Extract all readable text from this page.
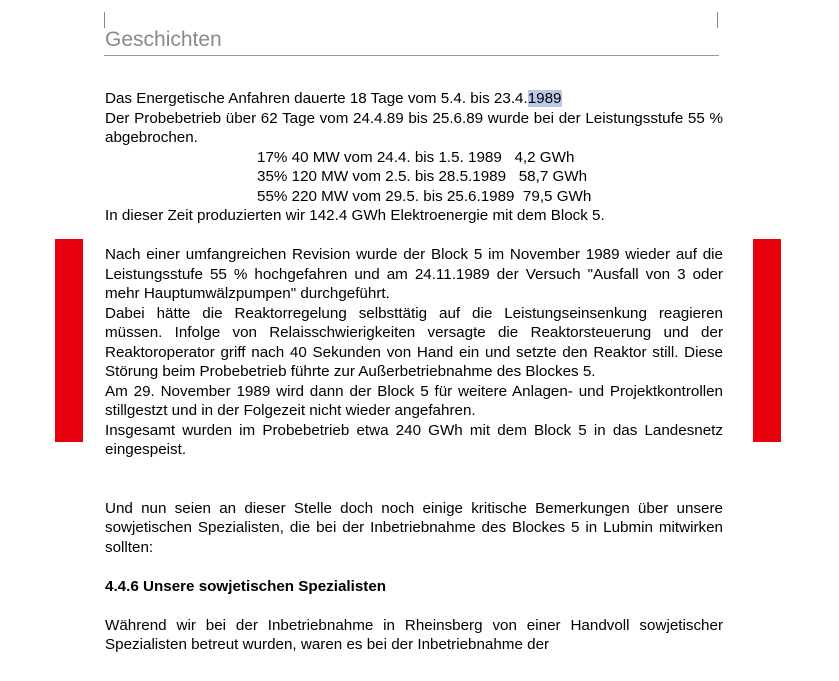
Geschichten

Das Energetische Anfahren dauerte 18 Tage vom 5.4. bis 23.4.1989

Der Probebetrieb über 62 Tage vom 24.4.89 bis 25.6.89 wurde bei der Leistungsstufe 55 % abgebrochen.

17% 40 MW vom 24.4. bis 1.5. 1989   4,2 GWh

35% 120 MW vom 2.5. bis 28.5.1989   58,7 GWh

55% 220 MW vom 29.5. bis 25.6.1989  79,5 GWh

In dieser Zeit produzierten wir 142.4 GWh Elektroenergie mit dem Block 5.

Nach einer umfangreichen Revision wurde der Block 5 im November 1989 wieder auf die Leistungsstufe 55 % hochgefahren und am 24.11.1989 der Versuch "Ausfall von 3 oder mehr Hauptumwälzpumpen" durchgeführt.

Dabei hätte die Reaktorregelung selbsttätig auf die Leistungseinsenkung reagieren müssen. Infolge von Relaisschwierigkeiten versagte die Reaktorsteuerung und der Reaktoroperator griff nach 40 Sekunden von Hand ein und setzte den Reaktor still. Diese Störung beim Probebetrieb führte zur Außerbetriebnahme des Blockes 5.

Am 29. November 1989 wird dann der Block 5 für weitere Anlagen- und Projektkontrollen stillgestzt und in der Folgezeit nicht wieder angefahren.

Insgesamt wurden im Probebetrieb etwa 240 GWh mit dem Block 5 in das Landesnetz eingespeist.

Und nun seien an dieser Stelle doch noch einige kritische Bemerkungen über unsere sowjetischen Spezialisten, die bei der Inbetriebnahme des Blockes 5 in Lubmin mitwirken sollten:

4.4.6 Unsere sowjetischen Spezialisten

Während wir bei der Inbetriebnahme in Rheinsberg von einer Handvoll sowjetischer Spezialisten betreut wurden, waren es bei der Inbetriebnahme der
